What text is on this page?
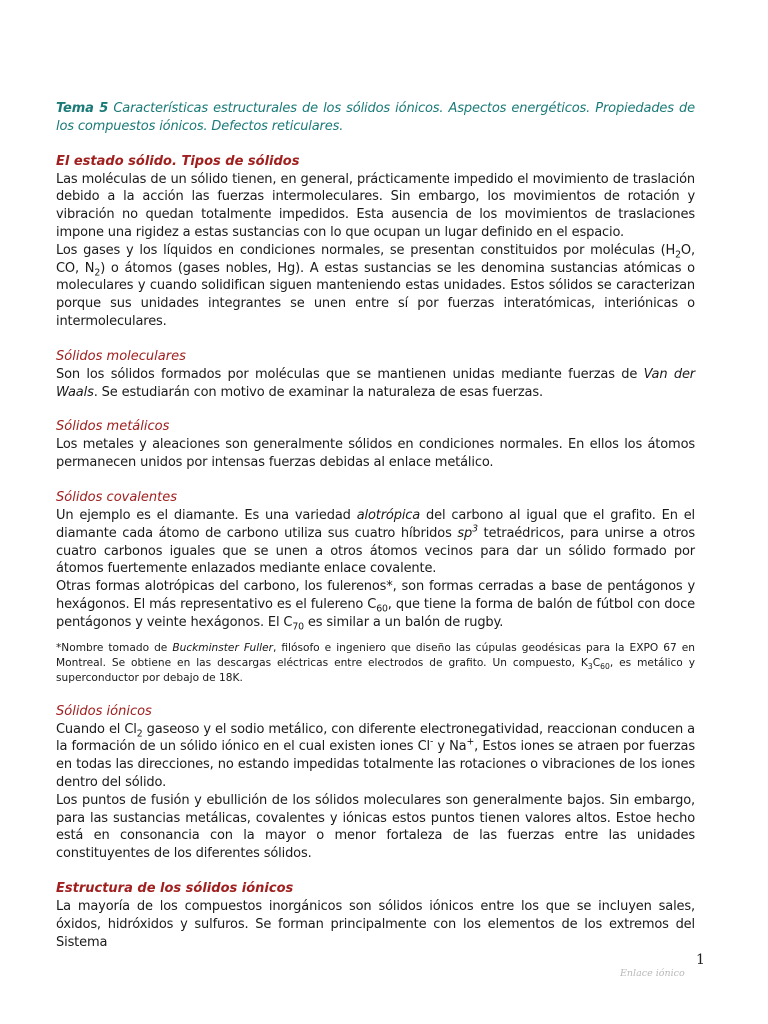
Tema 5 Características estructurales de los sólidos iónicos. Aspectos energéticos. Propiedades de los compuestos iónicos. Defectos reticulares.

El estado sólido. Tipos de sólidos

Las moléculas de un sólido tienen, en general, prácticamente impedido el movimiento de traslación debido a la acción las fuerzas intermoleculares. Sin embargo, los movimientos de rotación y vibración no quedan totalmente impedidos. Esta ausencia de los movimientos de traslaciones impone una rigidez a estas sustancias con lo que ocupan un lugar definido en el espacio.

Los gases y los líquidos en condiciones normales, se presentan constituidos por moléculas ($H_2O$, CO, $N_2$) o átomos (gases nobles, Hg). A estas sustancias se les denomina sustancias atómicas o moleculares y cuando solidifican siguen manteniendo estas unidades. Estos sólidos se caracterizan porque sus unidades integrantes se unen entre sí por fuerzas interatómicas, interiónicas o intermoleculares.

Sólidos moleculares

Son los sólidos formados por moléculas que se mantienen unidas mediante fuerzas de Van der Waals. Se estudiarán con motivo de examinar la naturaleza de esas fuerzas.

Sólidos metálicos

Los metales y aleaciones son generalmente sólidos en condiciones normales. En ellos los átomos permanecen unidos por intensas fuerzas debidas al enlace metálico.

Sólidos covalentes

Un ejemplo es el diamante. Es una variedad alotrópica del carbono al igual que el grafito. En el diamante cada átomo de carbono utiliza sus cuatro híbridos $sp^3$ tetraédricos, para unirse a otros cuatro carbonos iguales que se unen a otros átomos vecinos para dar un sólido formado por átomos fuertemente enlazados mediante enlace covalente.

Otras formas alotrópicas del carbono, los fulerenos*, son formas cerradas a base de pentágonos y hexágonos. El más representativo es el fulereno $C_{60}$, que tiene la forma de balón de fútbol con doce pentágonos y veinte hexágonos. El $C_{70}$ es similar a un balón de rugby.

*Nombre tomado de Buckminster Fuller, filósofo e ingeniero que diseño las cúpulas geodésicas para la EXPO 67 en Montreal. Se obtiene en las descargas eléctricas entre electrodos de grafito. Un compuesto, $K_3C_{60}$, es metálico y superconductor por debajo de 18K.

Sólidos iónicos

Cuando el $Cl_2$ gaseoso y el sodio metálico, con diferente electronegatividad, reaccionan conducen a la formación de un sólido iónico en el cual existen iones Cl- y Na+, Estos iones se atraen por fuerzas en todas las direcciones, no estando impedidas totalmente las rotaciones o vibraciones de los iones dentro del sólido.

Los puntos de fusión y ebullición de los sólidos moleculares son generalmente bajos. Sin embargo, para las sustancias metálicas, covalentes y iónicas estos puntos tienen valores altos. Estoe hecho está en consonancia con la mayor o menor fortaleza de las fuerzas entre las unidades constituyentes de los diferentes sólidos.

Estructura de los sólidos iónicos

La mayoría de los compuestos inorgánicos son sólidos iónicos entre los que se incluyen sales, óxidos, hidróxidos y sulfuros. Se forman principalmente con los elementos de los extremos del Sistema

1
Enlace iónico
